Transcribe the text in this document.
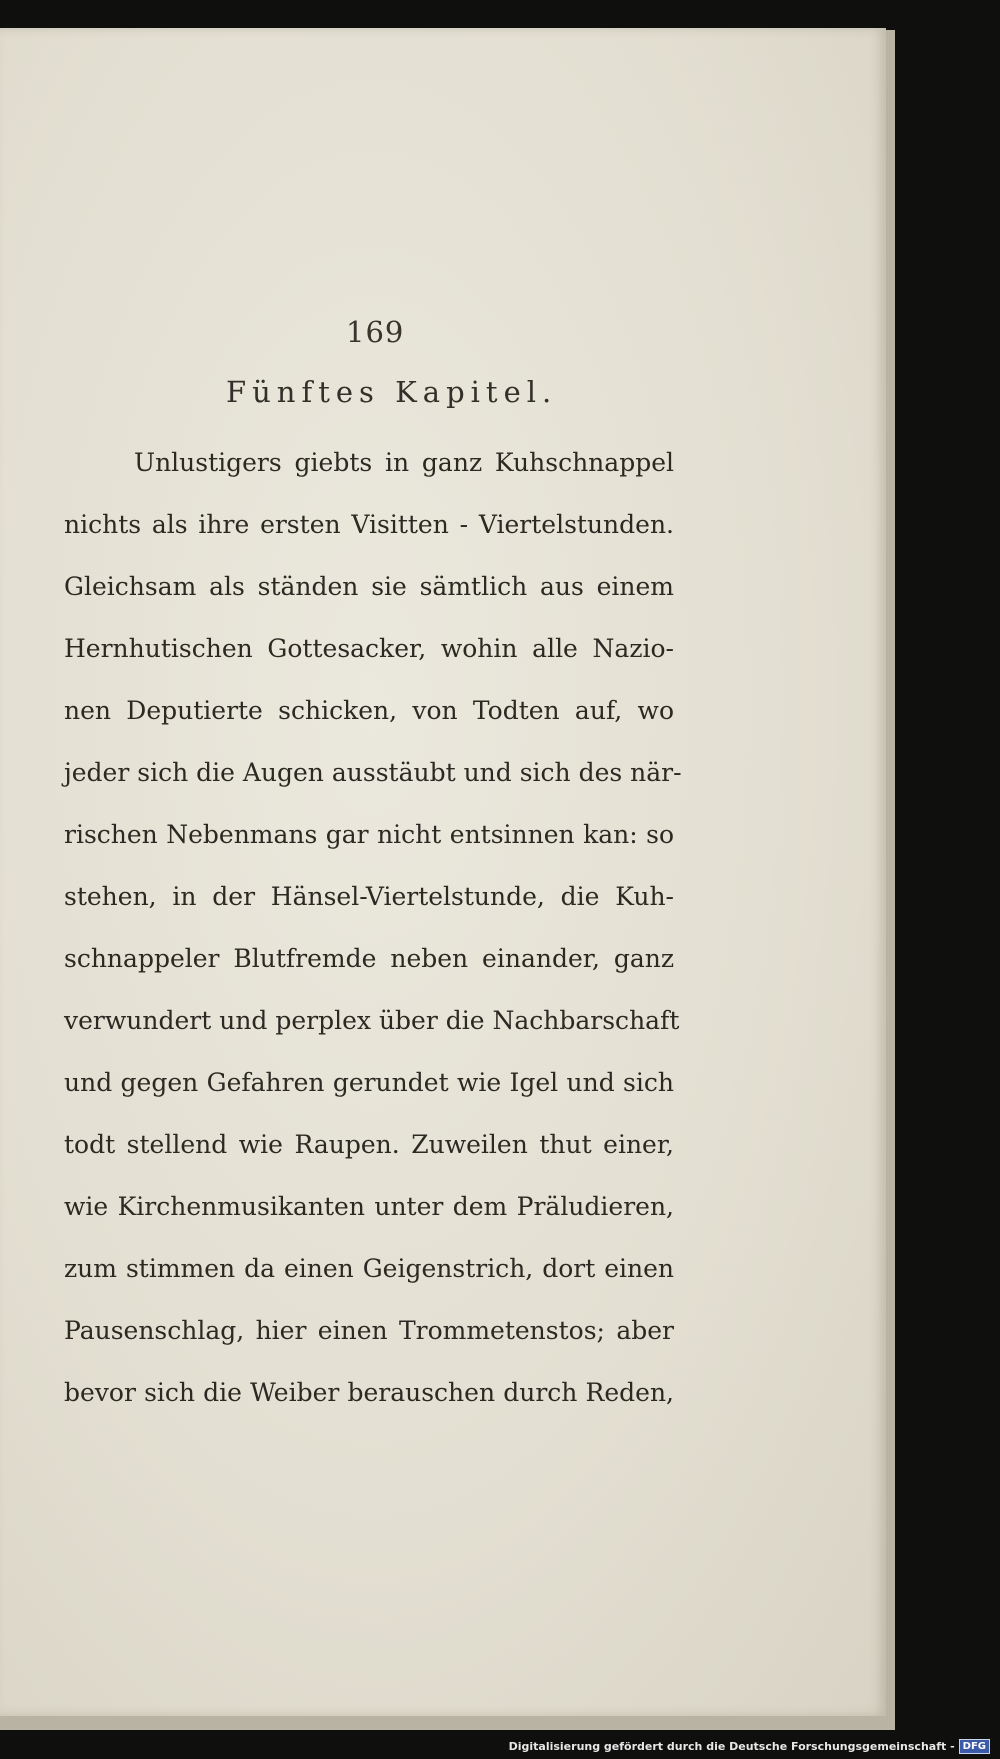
169
Fünftes Kapitel.
Unlustigers giebts in ganz Kuhschnappel
nichts als ihre ersten Visitten - Viertelstunden.
Gleichsam als ständen sie sämtlich aus einem
Hernhutischen Gottesacker, wohin alle Nazio-
nen Deputierte schicken, von Todten auf, wo
jeder sich die Augen ausstäubt und sich des när-
rischen Nebenmans gar nicht entsinnen kan: so
stehen, in der Hänsel-Viertelstunde, die Kuh-
schnappeler Blutfremde neben einander, ganz
verwundert und perplex über die Nachbarschaft
und gegen Gefahren gerundet wie Igel und sich
todt stellend wie Raupen. Zuweilen thut einer,
wie Kirchenmusikanten unter dem Präludieren,
zum stimmen da einen Geigenstrich, dort einen
Pausenschlag, hier einen Trommetenstos; aber
bevor sich die Weiber berauschen durch Reden,
Digitalisierung gefördert durch die Deutsche Forschungsgemeinschaft - DFG
